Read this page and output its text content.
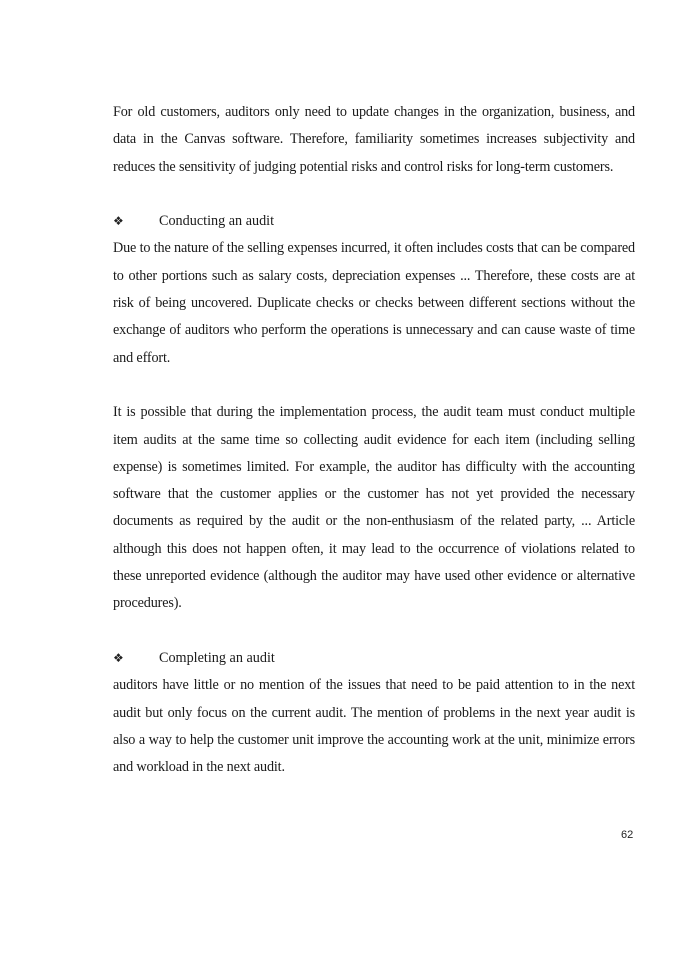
For old customers, auditors only need to update changes in the organization, business, and data in the Canvas software. Therefore, familiarity sometimes increases subjectivity and reduces the sensitivity of judging potential risks and control risks for long-term customers.

❖	Conducting an audit

Due to the nature of the selling expenses incurred, it often includes costs that can be compared to other portions such as salary costs, depreciation expenses ... Therefore, these costs are at risk of being uncovered. Duplicate checks or checks between different sections without the exchange of auditors who perform the operations is unnecessary and can cause waste of time and effort.

It is possible that during the implementation process, the audit team must conduct multiple item audits at the same time so collecting audit evidence for each item (including selling expense) is sometimes limited. For example, the auditor has difficulty with the accounting software that the customer applies or the customer has not yet provided the necessary documents as required by the audit or the non-enthusiasm of the related party, ... Article although this does not happen often, it may lead to the occurrence of violations related to these unreported evidence (although the auditor may have used other evidence or alternative procedures).

❖	Completing an audit

auditors have little or no mention of the issues that need to be paid attention to in the next audit but only focus on the current audit. The mention of problems in the next year audit is also a way to help the customer unit improve the accounting work at the unit, minimize errors and workload in the next audit.

62
